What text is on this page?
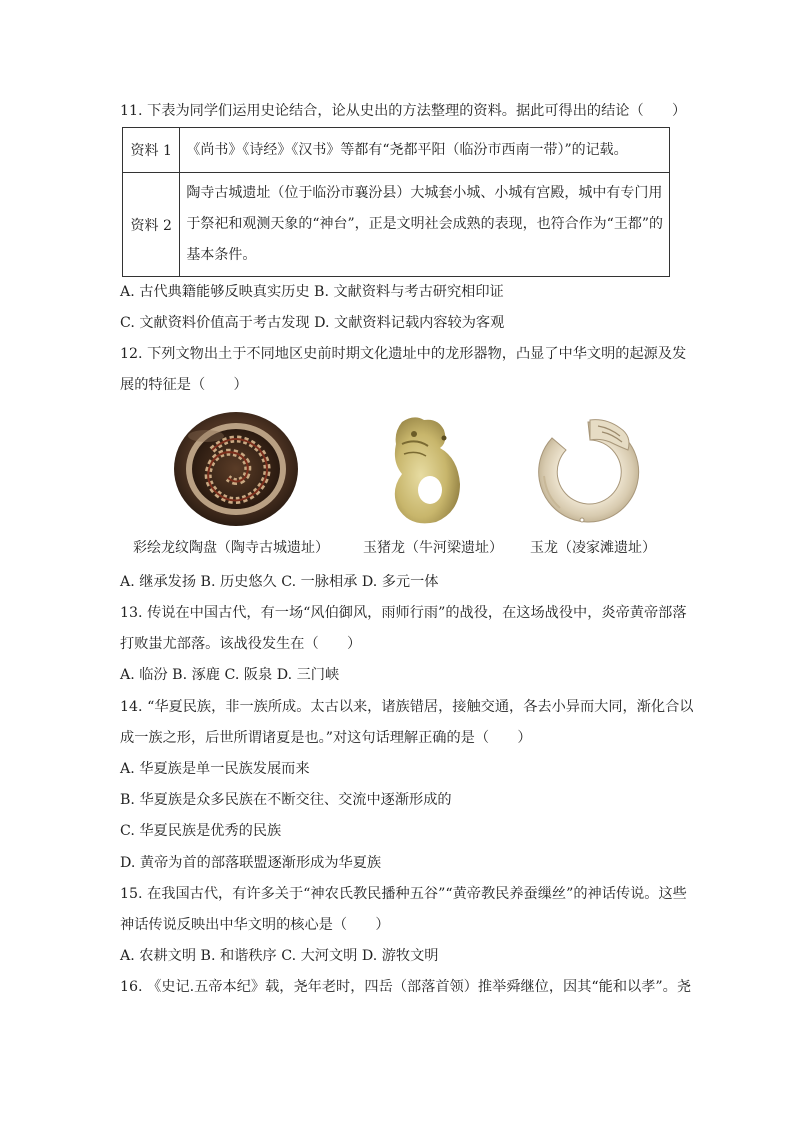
11. 下表为同学们运用史论结合，论从史出的方法整理的资料。据此可得出的结论（　　）
资料 1	《尚书》《诗经》《汉书》等都有“尧都平阳（临汾市西南一带）”的记载。

资料 2	陶寺古城遗址（位于临汾市襄汾县）大城套小城、小城有宫殿，城中有专门用
于祭祀和观测天象的“神台”，正是文明社会成熟的表现，也符合作为“王都”的
基本条件。
A. 古代典籍能够反映真实历史 B. 文献资料与考古研究相印证
C. 文献资料价值高于考古发现 D. 文献资料记载内容较为客观
12. 下列文物出土于不同地区史前时期文化遗址中的龙形器物，凸显了中华文明的起源及发
展的特征是（　　）
彩绘龙纹陶盘（陶寺古城遗址） 玉猪龙（牛河梁遗址） 玉龙（凌家滩遗址）
A. 继承发扬 B. 历史悠久 C. 一脉相承 D. 多元一体
13. 传说在中国古代，有一场“风伯御风，雨师行雨”的战役，在这场战役中，炎帝黄帝部落
打败蚩尤部落。该战役发生在（　　）
A. 临汾 B. 涿鹿 C. 阪泉 D. 三门峡
14. “华夏民族，非一族所成。太古以来，诸族错居，接触交通，各去小异而大同，渐化合以
成一族之形，后世所谓诸夏是也。”对这句话理解正确的是（　　）
A. 华夏族是单一民族发展而来
B. 华夏族是众多民族在不断交往、交流中逐渐形成的
C. 华夏民族是优秀的民族
D. 黄帝为首的部落联盟逐渐形成为华夏族
15. 在我国古代，有许多关于“神农氏教民播种五谷”“黄帝教民养蚕缫丝”的神话传说。这些
神话传说反映出中华文明的核心是（　　）
A. 农耕文明 B. 和谐秩序 C. 大河文明 D. 游牧文明
16. 《史记.五帝本纪》载，尧年老时，四岳（部落首领）推举舜继位，因其“能和以孝”。尧
